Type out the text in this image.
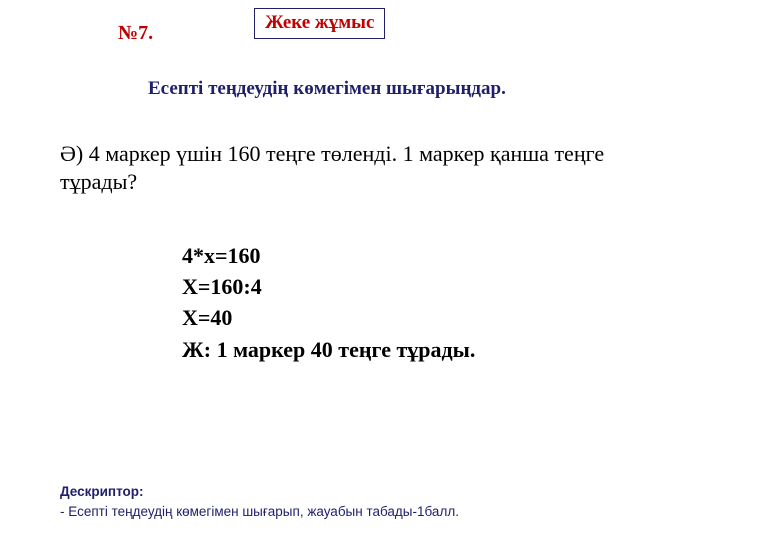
№7.	Жеке жұмыс
Есепті теңдеудің көмегімен шығарыңдар.
Ә) 4 маркер үшін 160 теңге төленді. 1 маркер қанша теңге тұрады?
4*x=160
X=160:4
X=40
Ж: 1 маркер 40 теңге тұрады.
Дескриптор:
- Есепті теңдеудің көмегімен шығарып, жауабын табады-1балл.
